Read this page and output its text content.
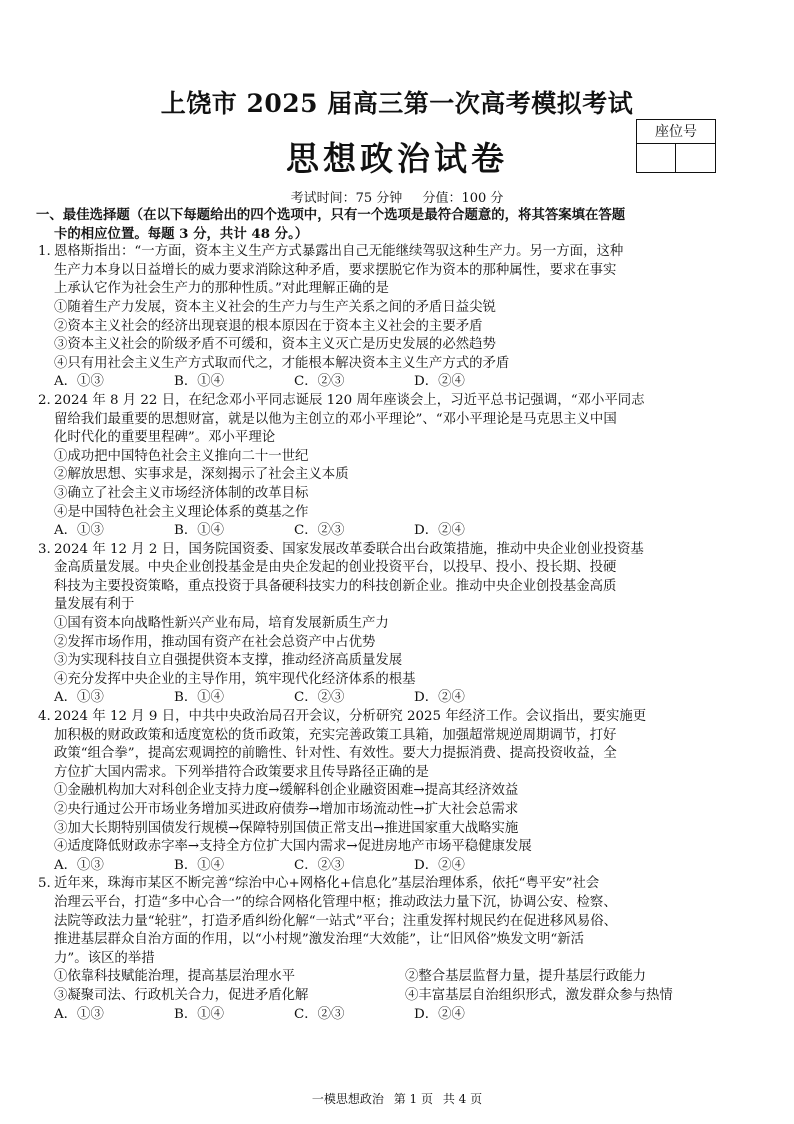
上饶市 2025 届高三第一次高考模拟考试
思想政治试卷
座位号
考试时间：75 分钟 分值：100 分
一、最佳选择题（在以下每题给出的四个选项中，只有一个选项是最符合题意的，将其答案填在答题
卡的相应位置。每题 3 分，共计 48 分。）
1. 恩格斯指出：“一方面，资本主义生产方式暴露出自己无能继续驾驭这种生产力。另一方面，这种
生产力本身以日益增长的威力要求消除这种矛盾，要求摆脱它作为资本的那种属性，要求在事实
上承认它作为社会生产力的那种性质。”对此理解正确的是
①随着生产力发展，资本主义社会的生产力与生产关系之间的矛盾日益尖锐
②资本主义社会的经济出现衰退的根本原因在于资本主义社会的主要矛盾
③资本主义社会的阶级矛盾不可缓和，资本主义灭亡是历史发展的必然趋势
④只有用社会主义生产方式取而代之，才能根本解决资本主义生产方式的矛盾
A．①③	B．①④	C．②③	D．②④
2. 2024 年 8 月 22 日，在纪念邓小平同志诞辰 120 周年座谈会上，习近平总书记强调，“邓小平同志
留给我们最重要的思想财富，就是以他为主创立的邓小平理论”、“邓小平理论是马克思主义中国
化时代化的重要里程碑”。邓小平理论
①成功把中国特色社会主义推向二十一世纪
②解放思想、实事求是，深刻揭示了社会主义本质
③确立了社会主义市场经济体制的改革目标
④是中国特色社会主义理论体系的奠基之作
A．①③	B．①④	C．②③	D．②④
3. 2024 年 12 月 2 日，国务院国资委、国家发展改革委联合出台政策措施，推动中央企业创业投资基
金高质量发展。中央企业创投基金是由央企发起的创业投资平台，以投早、投小、投长期、投硬
科技为主要投资策略，重点投资于具备硬科技实力的科技创新企业。推动中央企业创投基金高质
量发展有利于
①国有资本向战略性新兴产业布局，培育发展新质生产力
②发挥市场作用，推动国有资产在社会总资产中占优势
③为实现科技自立自强提供资本支撑，推动经济高质量发展
④充分发挥中央企业的主导作用，筑牢现代化经济体系的根基
A．①③	B．①④	C．②③	D．②④
4. 2024 年 12 月 9 日，中共中央政治局召开会议，分析研究 2025 年经济工作。会议指出，要实施更
加积极的财政政策和适度宽松的货币政策，充实完善政策工具箱，加强超常规逆周期调节，打好
政策“组合拳”，提高宏观调控的前瞻性、针对性、有效性。要大力提振消费、提高投资收益，全
方位扩大国内需求。下列举措符合政策要求且传导路径正确的是
①金融机构加大对科创企业支持力度→缓解科创企业融资困难→提高其经济效益
②央行通过公开市场业务增加买进政府债券→增加市场流动性→扩大社会总需求
③加大长期特别国债发行规模→保障特别国债正常支出→推进国家重大战略实施
④适度降低财政赤字率→支持全方位扩大国内需求→促进房地产市场平稳健康发展
A．①③	B．①④	C．②③	D．②④
5. 近年来，珠海市某区不断完善“综治中心+网格化+信息化”基层治理体系，依托“粤平安”社会
治理云平台，打造“多中心合一”的综合网格化管理中枢；推动政法力量下沉，协调公安、检察、
法院等政法力量“轮驻”，打造矛盾纠纷化解“一站式”平台；注重发挥村规民约在促进移风易俗、
推进基层群众自治方面的作用，以“小村规”激发治理“大效能”，让“旧风俗”焕发文明“新活
力”。该区的举措
①依靠科技赋能治理，提高基层治理水平	②整合基层监督力量，提升基层行政能力
③凝聚司法、行政机关合力，促进矛盾化解	④丰富基层自治组织形式，激发群众参与热情
A．①③	B．①④	C．②③	D．②④
一模思想政治 第 1 页 共 4 页
